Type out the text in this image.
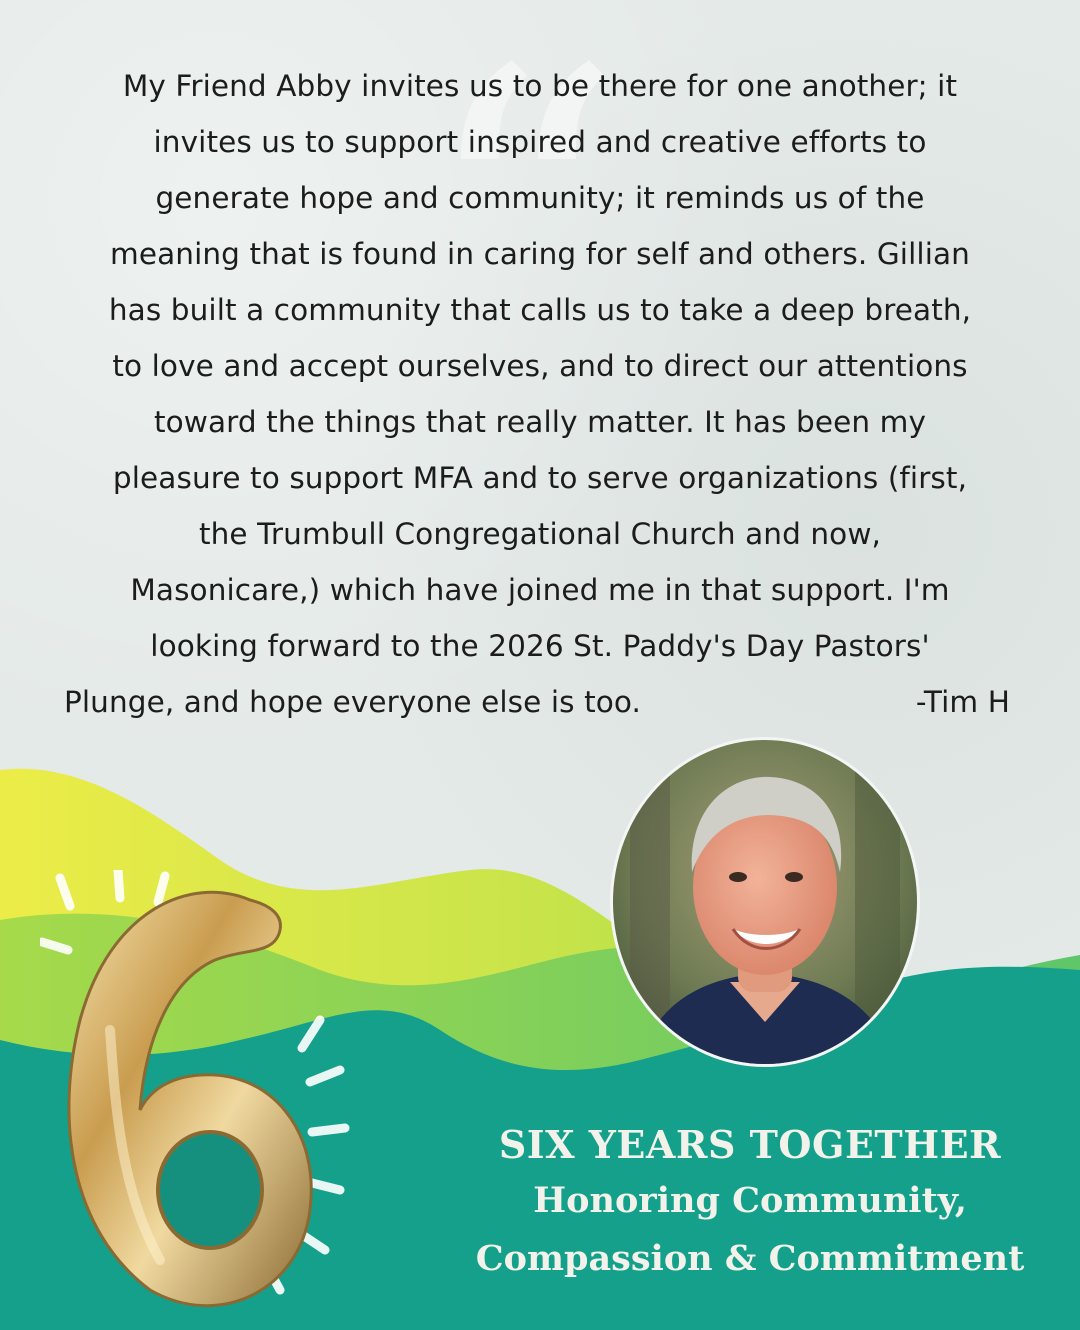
“
My Friend Abby invites us to be there for one another; it
invites us to support inspired and creative efforts to
generate hope and community; it reminds us of the
meaning that is found in caring for self and others. Gillian
has built a community that calls us to take a deep breath,
to love and accept ourselves, and to direct our attentions
toward the things that really matter. It has been my
pleasure to support MFA and to serve organizations (first,
the Trumbull Congregational Church and now,
Masonicare,) which have joined me in that support. I'm
looking forward to the 2026 St. Paddy's Day Pastors'
Plunge, and hope everyone else is too.	-Tim H
SIX YEARS TOGETHER
Honoring Community,
Compassion & Commitment
